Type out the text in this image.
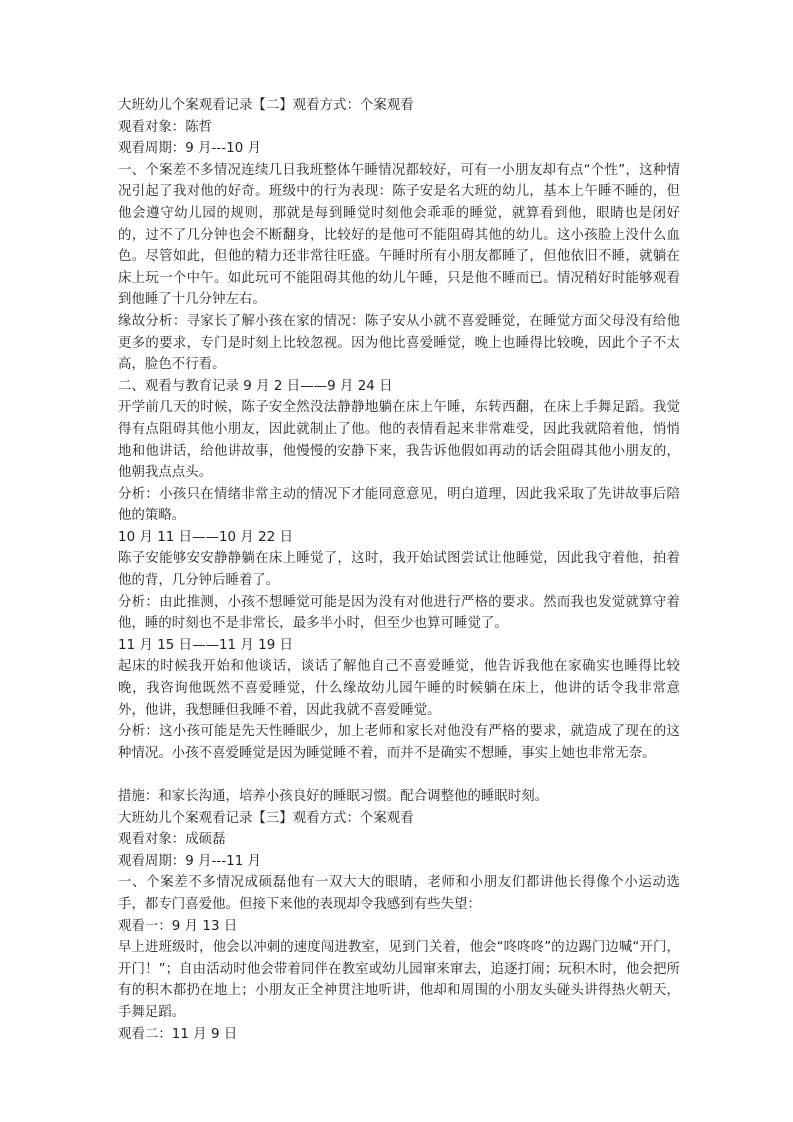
大班幼儿个案观看记录【二】观看方式：个案观看

观看对象：陈哲

观看周期：9 月---10 月

一、个案差不多情况连续几日我班整体午睡情况都较好，可有一小朋友却有点“个性”，这种情况引起了我对他的好奇。班级中的行为表现：陈子安是名大班的幼儿，基本上午睡不睡的，但他会遵守幼儿园的规则，那就是每到睡觉时刻他会乖乖的睡觉，就算看到他，眼睛也是闭好的，过不了几分钟也会不断翻身，比较好的是他可不能阻碍其他的幼儿。这小孩脸上没什么血色。尽管如此，但他的精力还非常往旺盛。午睡时所有小朋友都睡了，但他依旧不睡，就躺在床上玩一个中午。如此玩可不能阻碍其他的幼儿午睡，只是他不睡而已。情况稍好时能够观看到他睡了十几分钟左右。

缘故分析：寻家长了解小孩在家的情况：陈子安从小就不喜爱睡觉，在睡觉方面父母没有给他更多的要求，专门是时刻上比较忽视。因为他比喜爱睡觉，晚上也睡得比较晚，因此个子不太高，脸色不行看。

二、观看与教育记录 9 月 2 日——9 月 24 日

开学前几天的时候，陈子安全然没法静静地躺在床上午睡，东转西翻，在床上手舞足蹈。我觉得有点阻碍其他小朋友，因此就制止了他。他的表情看起来非常难受，因此我就陪着他，悄悄地和他讲话，给他讲故事，他慢慢的安静下来，我告诉他假如再动的话会阻碍其他小朋友的，他朝我点点头。

分析：小孩只在情绪非常主动的情况下才能同意意见，明白道理，因此我采取了先讲故事后陪他的策略。

10 月 11 日——10 月 22 日

陈子安能够安安静静躺在床上睡觉了，这时，我开始试图尝试让他睡觉，因此我守着他，拍着他的背，几分钟后睡着了。

分析：由此推测，小孩不想睡觉可能是因为没有对他进行严格的要求。然而我也发觉就算守着他，睡的时刻也不是非常长，最多半小时，但至少也算可睡觉了。

11 月 15 日——11 月 19 日

起床的时候我开始和他谈话，谈话了解他自己不喜爱睡觉，他告诉我他在家确实也睡得比较晚，我咨询他既然不喜爱睡觉，什么缘故幼儿园午睡的时候躺在床上，他讲的话令我非常意外，他讲，我想睡但我睡不着，因此我就不喜爱睡觉。

分析：这小孩可能是先天性睡眠少，加上老师和家长对他没有严格的要求，就造成了现在的这种情况。小孩不喜爱睡觉是因为睡觉睡不着，而并不是确实不想睡，事实上她也非常无奈。

措施：和家长沟通，培养小孩良好的睡眠习惯。配合调整他的睡眠时刻。

大班幼儿个案观看记录【三】观看方式：个案观看

观看对象：成硕磊

观看周期：9 月---11 月

一、个案差不多情况成硕磊他有一双大大的眼睛，老师和小朋友们都讲他长得像个小运动选手，都专门喜爱他。但接下来他的表现却令我感到有些失望：

观看一：9 月 13 日

早上进班级时，他会以冲刺的速度闯进教室，见到门关着，他会“咚咚咚”的边踢门边喊“开门，开门！”；自由活动时他会带着同伴在教室或幼儿园窜来窜去，追逐打闹；玩积木时，他会把所有的积木都扔在地上；小朋友正全神贯注地听讲，他却和周围的小朋友头碰头讲得热火朝天，手舞足蹈。

观看二：11 月 9 日
